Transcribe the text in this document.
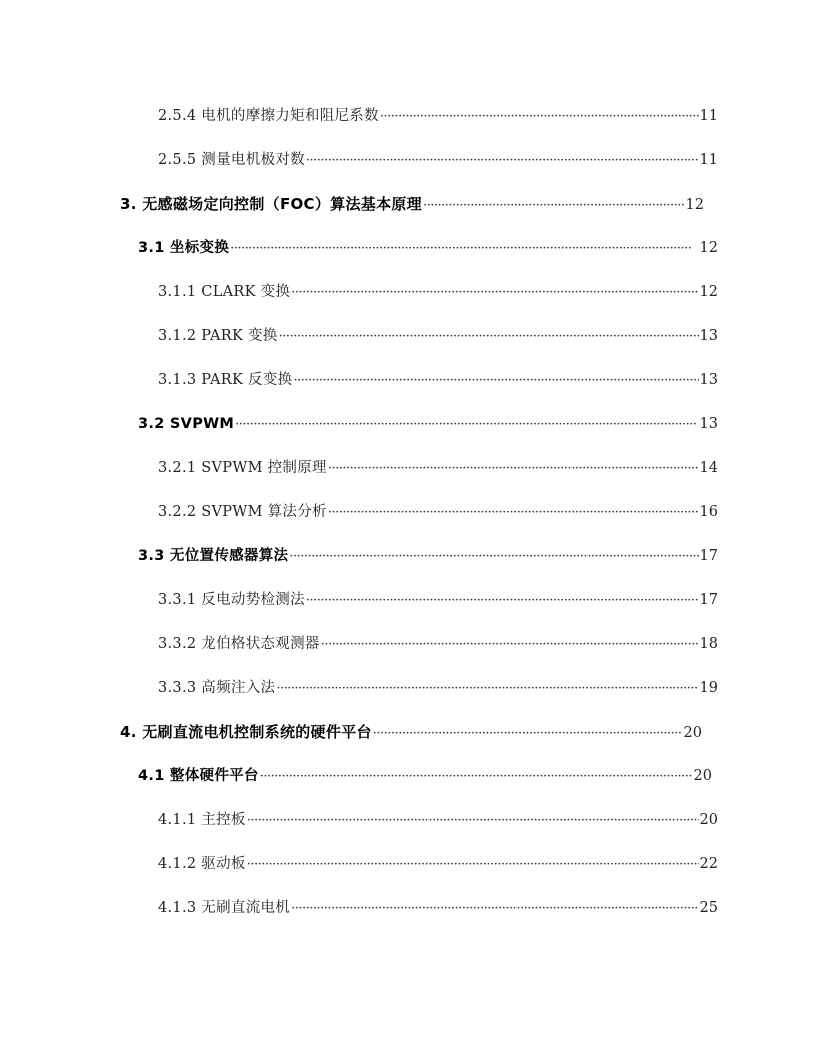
2.5.4 电机的摩擦力矩和阻尼系数 ·····	11
2.5.5 测量电机极对数 ·····	11
3. 无感磁场定向控制（FOC）算法基本原理 ·····	12
3.1 坐标变换 ·····	12
3.1.1 CLARK 变换 ·····	12
3.1.2 PARK 变换 ·····	13
3.1.3 PARK 反变换 ·····	13
3.2 SVPWM ·····	13
3.2.1 SVPWM 控制原理 ·····	14
3.2.2 SVPWM 算法分析 ·····	16
3.3 无位置传感器算法 ·····	17
3.3.1 反电动势检测法 ·····	17
3.3.2 龙伯格状态观测器 ·····	18
3.3.3 高频注入法 ·····	19
4. 无刷直流电机控制系统的硬件平台 ·····	20
4.1 整体硬件平台 ·····	20
4.1.1 主控板 ·····	20
4.1.2 驱动板 ·····	22
4.1.3 无刷直流电机 ·····	25
